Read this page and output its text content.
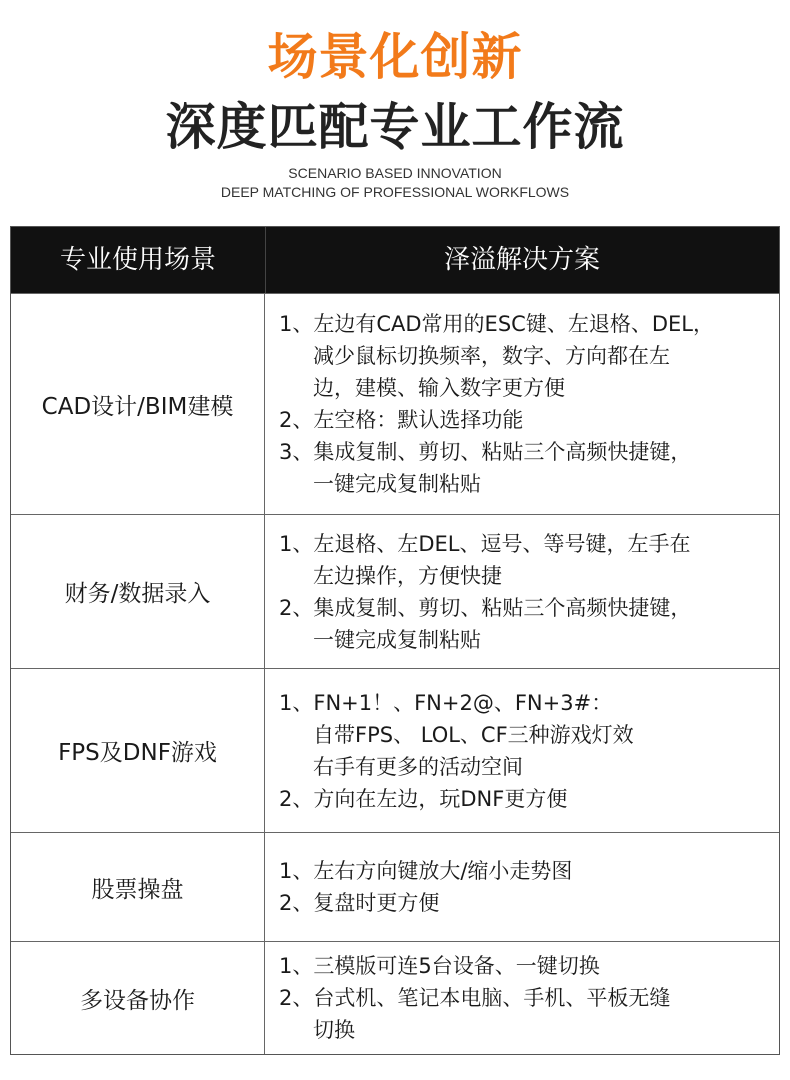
场景化创新
深度匹配专业工作流
SCENARIO BASED INNOVATION
DEEP MATCHING OF PROFESSIONAL WORKFLOWS
专业使用场景	泽溢解决方案
CAD设计/BIM建模
1、左边有CAD常用的ESC键、左退格、DEL，
减少鼠标切换频率，数字、方向都在左
边，建模、输入数字更方便
2、左空格：默认选择功能
3、集成复制、剪切、粘贴三个高频快捷键，
一键完成复制粘贴
财务/数据录入
1、左退格、左DEL、逗号、等号键，左手在
左边操作，方便快捷
2、集成复制、剪切、粘贴三个高频快捷键，
一键完成复制粘贴
FPS及DNF游戏
1、FN+1！、FN+2@、FN+3#：
自带FPS、 LOL、CF三种游戏灯效
右手有更多的活动空间
2、方向在左边，玩DNF更方便
股票操盘
1、左右方向键放大/缩小走势图
2、复盘时更方便
多设备协作
1、三模版可连5台设备、一键切换
2、台式机、笔记本电脑、手机、平板无缝
切换
